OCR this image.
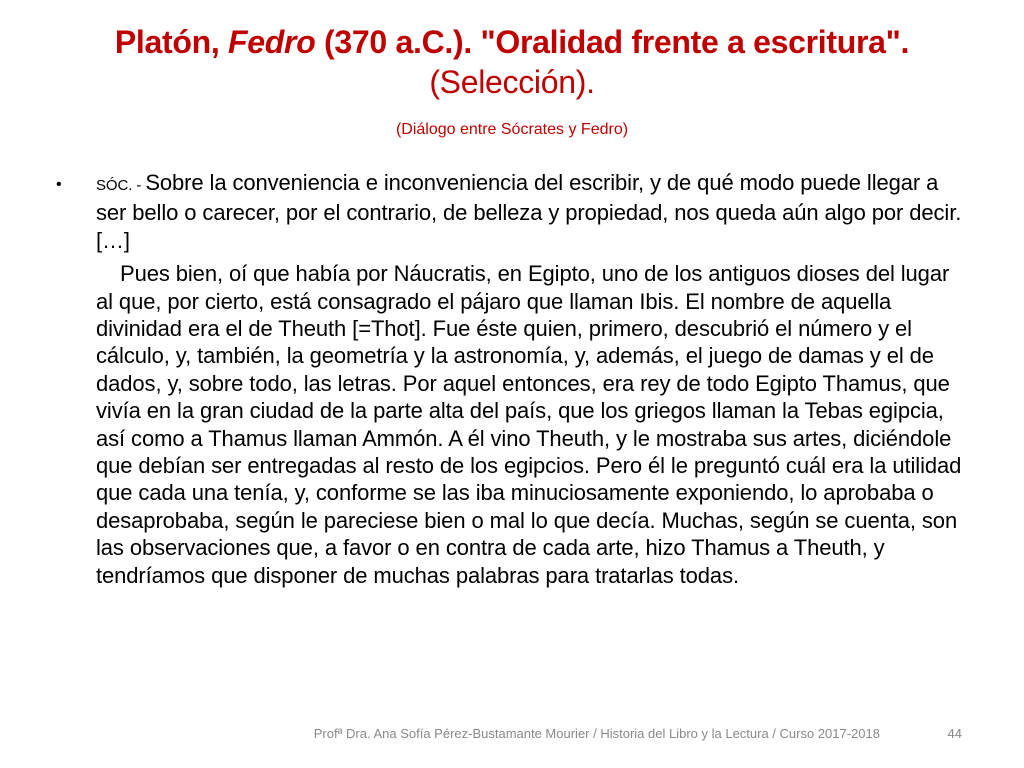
Platón, Fedro (370 a.C.). "Oralidad frente a escritura".
(Selección).
(Diálogo entre Sócrates y Fedro)
• SÓC. - Sobre la conveniencia e inconveniencia del escribir, y de qué modo puede llegar a ser bello o carecer, por el contrario, de belleza y propiedad, nos queda aún algo por decir. […]
Pues bien, oí que había por Náucratis, en Egipto, uno de los antiguos dioses del lugar al que, por cierto, está consagrado el pájaro que llaman Ibis. El nombre de aquella divinidad era el de Theuth [=Thot]. Fue éste quien, primero, descubrió el número y el cálculo, y, también, la geometría y la astronomía, y, además, el juego de damas y el de dados, y, sobre todo, las letras. Por aquel entonces, era rey de todo Egipto Thamus, que vivía en la gran ciudad de la parte alta del país, que los griegos llaman la Tebas egipcia, así como a Thamus llaman Ammón. A él vino Theuth, y le mostraba sus artes, diciéndole que debían ser entregadas al resto de los egipcios. Pero él le preguntó cuál era la utilidad que cada una tenía, y, conforme se las iba minuciosamente exponiendo, lo aprobaba o desaprobaba, según le pareciese bien o mal lo que decía. Muchas, según se cuenta, son las observaciones que, a favor o en contra de cada arte, hizo Thamus a Theuth, y tendríamos que disponer de muchas palabras para tratarlas todas.
Profª Dra. Ana Sofía Pérez-Bustamante Mourier / Historia del Libro y la Lectura / Curso 2017-2018	44
